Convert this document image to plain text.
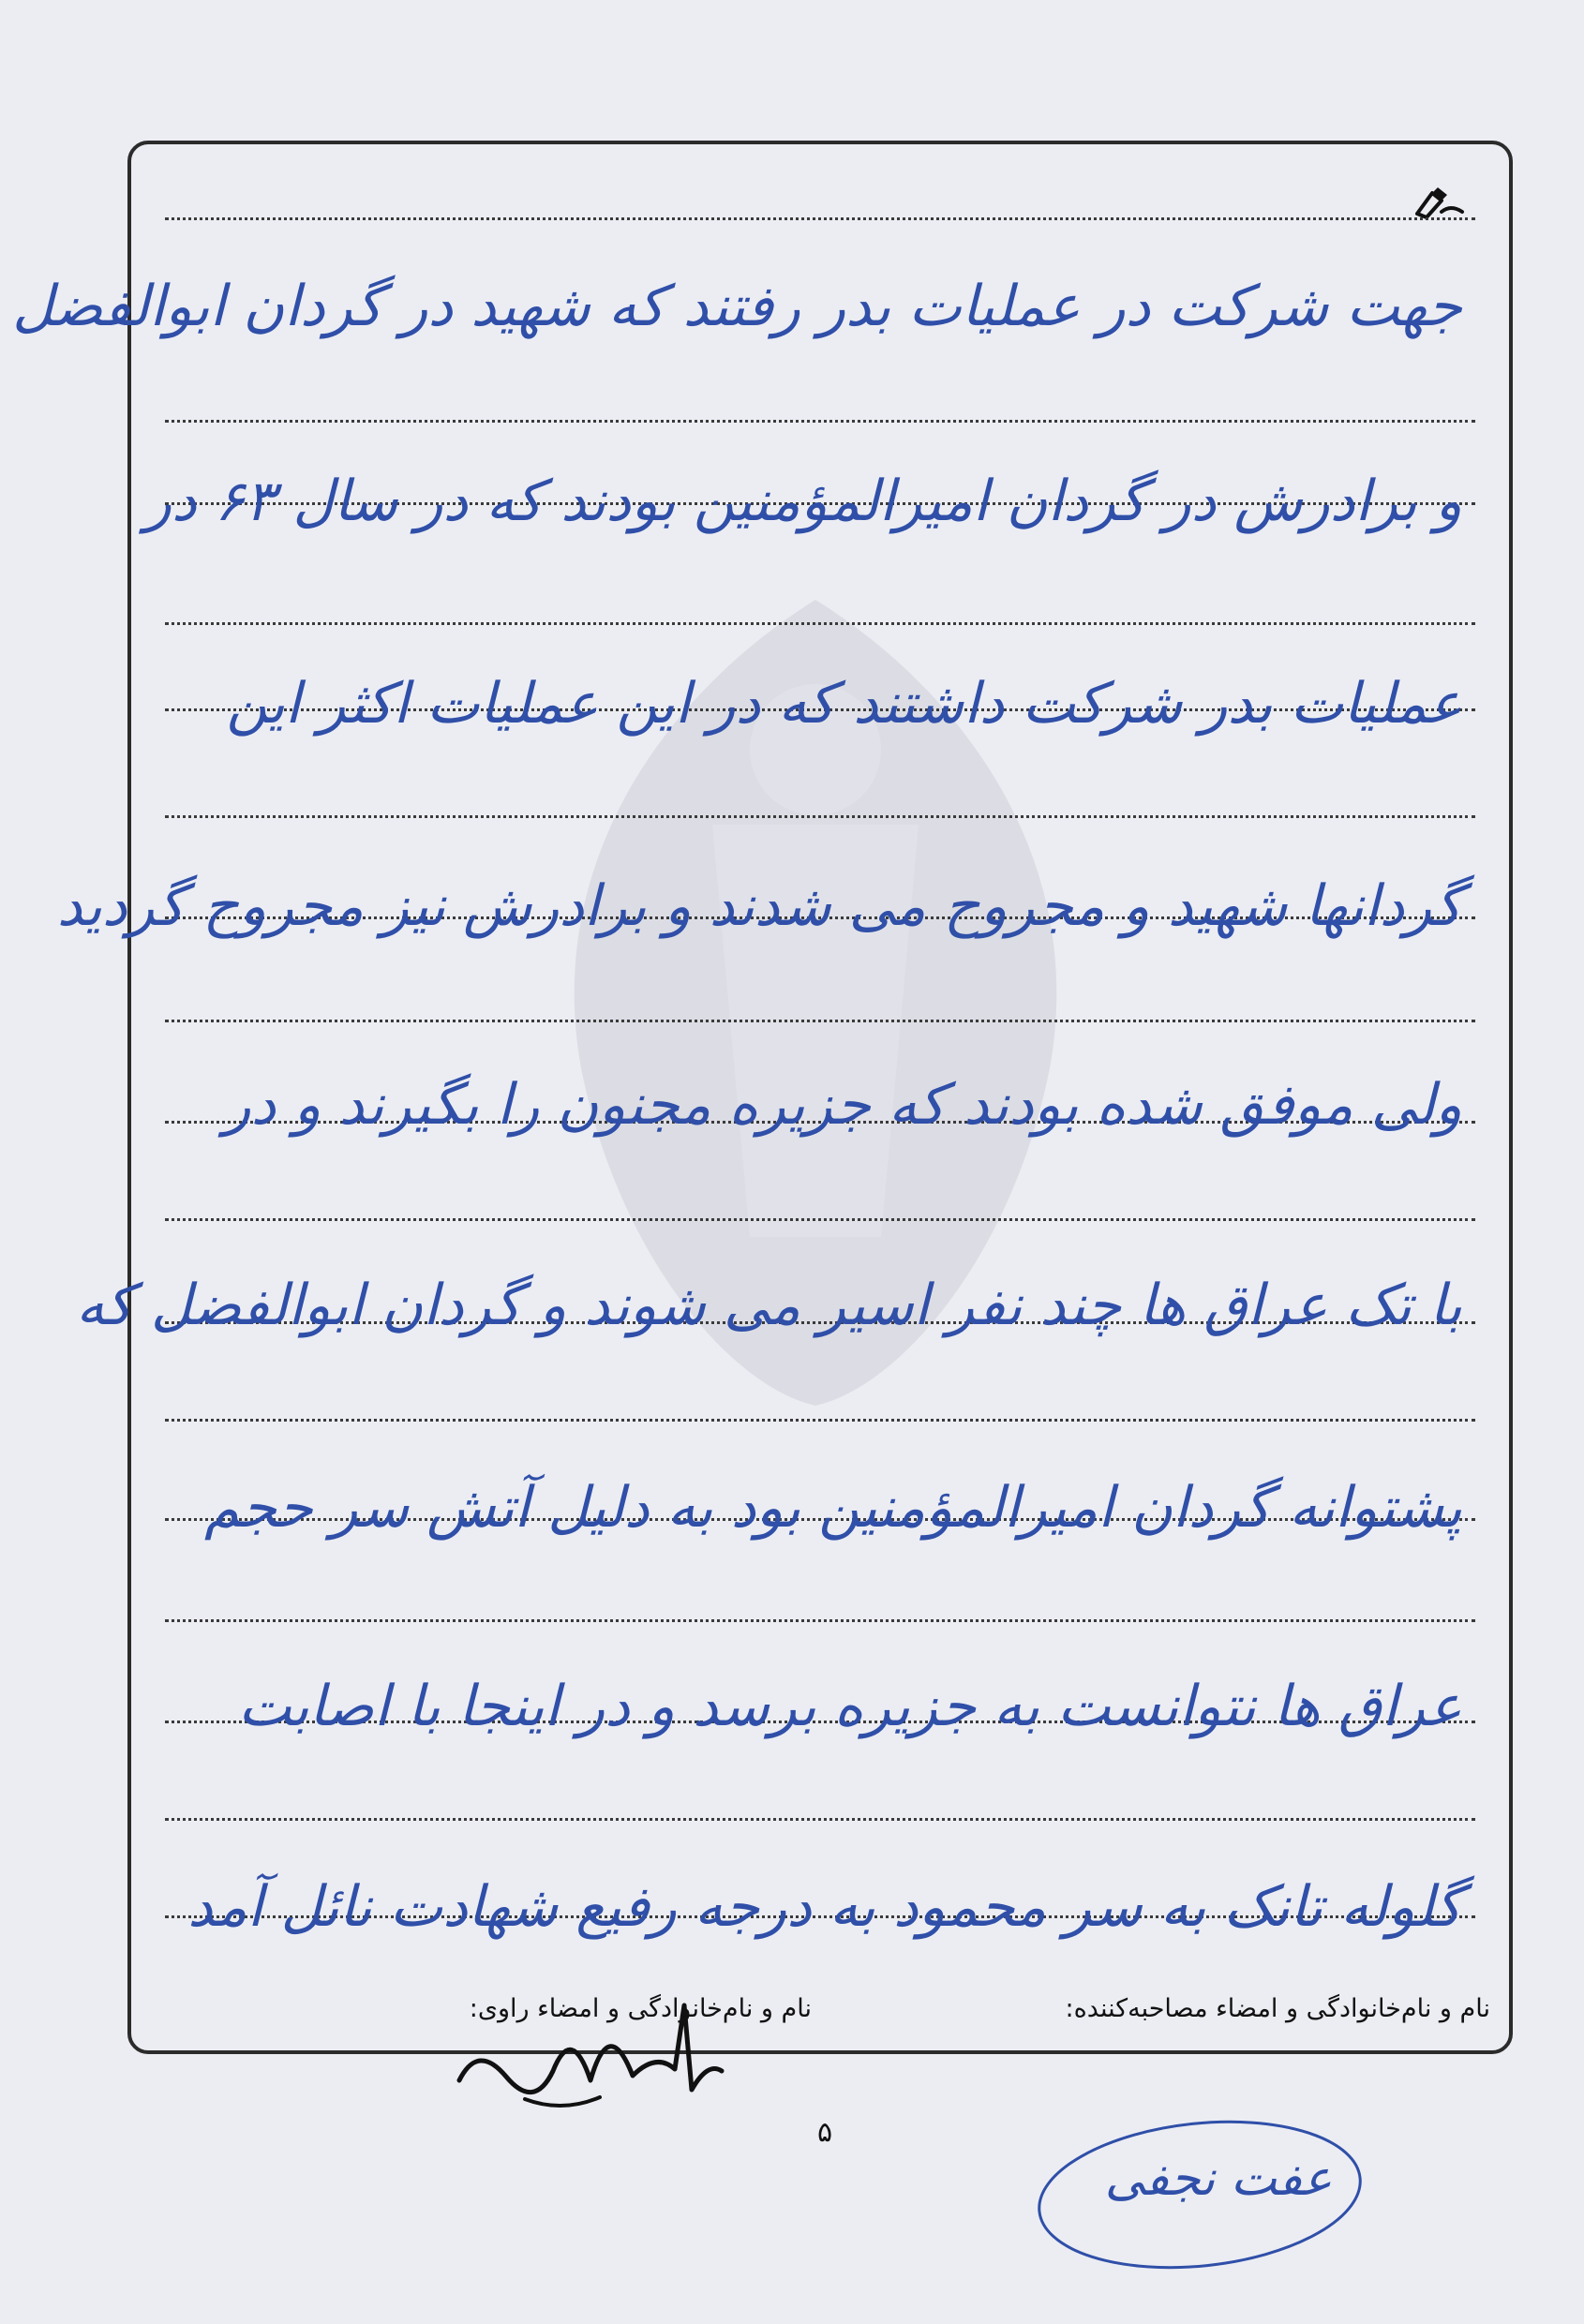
جهت شرکت در عملیات بدر رفتند که شهید در گردان ابوالفضل
و برادرش در گردان امیرالمؤمنین بودند که در سال ۶۳ در
عملیات بدر شرکت داشتند که در این عملیات اکثر این
گردانها شهید و مجروح می شدند و برادرش نیز مجروح گردید
ولی موفق شده بودند که جزیره مجنون را بگیرند و در
با تک عراق ها چند نفر اسیر می شوند و گردان ابوالفضل که
پشتوانه گردان امیرالمؤمنین بود به دلیل آتش سر حجم
عراق ها نتوانست به جزیره برسد و در اینجا با اصابت
گلوله تانک به سر محمود به درجه رفیع شهادت نائل آمد
نام و نام‌خانوادگی و امضاء مصاحبه‌کننده:
نام و نام‌خانوادگی و امضاء راوی:
۵
عفت نجفی
